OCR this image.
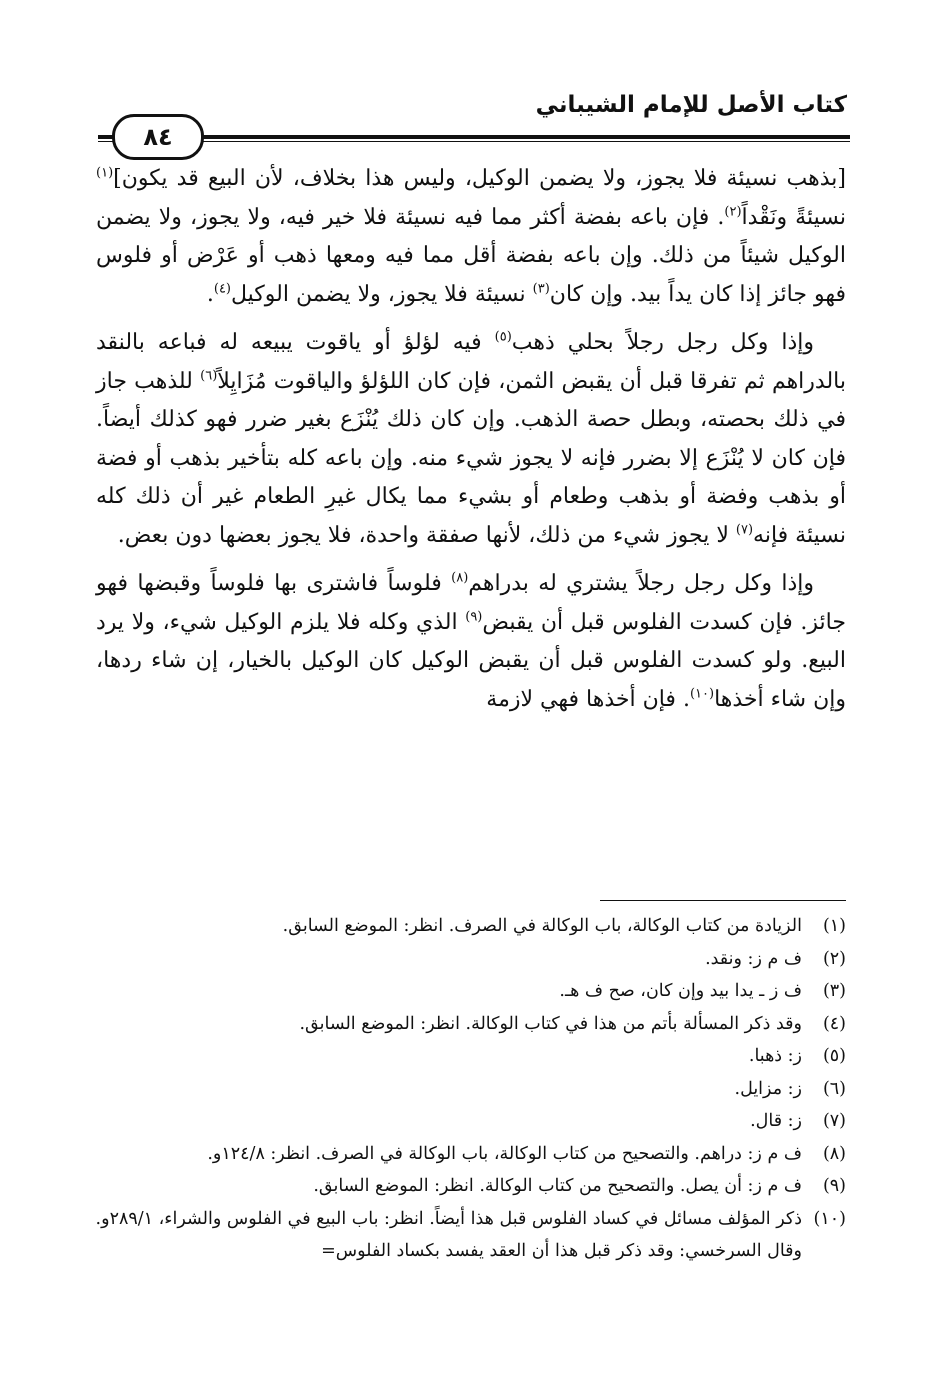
كتاب الأصل للإمام الشيباني
٨٤

[بذهب نسيئة فلا يجوز، ولا يضمن الوكيل، وليس هذا بخلاف، لأن البيع قد يكون]$^{(١)}$ نسيئةً ونَقْداً$^{(٢)}$. فإن باعه بفضة أكثر مما فيه نسيئة فلا خير فيه، ولا يجوز، ولا يضمن الوكيل شيئاً من ذلك. وإن باعه بفضة أقل مما فيه ومعها ذهب أو عَرْض أو فلوس فهو جائز إذا كان يداً بيد. وإن كان$^{(٣)}$ نسيئة فلا يجوز، ولا يضمن الوكيل$^{(٤)}$.

وإذا وكل رجل رجلاً بحلي ذهب$^{(٥)}$ فيه لؤلؤ أو ياقوت يبيعه له فباعه بالنقد بالدراهم ثم تفرقا قبل أن يقبض الثمن، فإن كان اللؤلؤ والياقوت مُزَايِلاً$^{(٦)}$ للذهب جاز في ذلك بحصته، وبطل حصة الذهب. وإن كان ذلك يُنْزَع بغير ضرر فهو كذلك أيضاً. فإن كان لا يُنْزَع إلا بضرر فإنه لا يجوز شيء منه. وإن باعه كله بتأخير بذهب أو فضة أو بذهب وفضة أو بذهب وطعام أو بشيء مما يكال غيرِ الطعام غير أن ذلك كله نسيئة فإنه$^{(٧)}$ لا يجوز شيء من ذلك، لأنها صفقة واحدة، فلا يجوز بعضها دون بعض.

وإذا وكل رجل رجلاً يشتري له بدراهم$^{(٨)}$ فلوساً فاشترى بها فلوساً وقبضها فهو جائز. فإن كسدت الفلوس قبل أن يقبض$^{(٩)}$ الذي وكله فلا يلزم الوكيل شيء، ولا يرد البيع. ولو كسدت الفلوس قبل أن يقبض الوكيل كان الوكيل بالخيار، إن شاء ردها، وإن شاء أخذها$^{(١٠)}$. فإن أخذها فهي لازمة

(١)
الزيادة من كتاب الوكالة، باب الوكالة في الصرف. انظر: الموضع السابق.
(٢)
ف م ز: ونقد.
(٣)
ف ز ـ يدا بيد وإن كان، صح ف هـ.
(٤)
وقد ذكر المسألة بأتم من هذا في كتاب الوكالة. انظر: الموضع السابق.
(٥)
ز: ذهبا.
(٦)
ز: مزايل.
(٧)
ز: قال.
(٨)
ف م ز: دراهم. والتصحيح من كتاب الوكالة، باب الوكالة في الصرف. انظر: ١٢٤/٨و.
(٩)
ف م ز: أن يصل. والتصحيح من كتاب الوكالة. انظر: الموضع السابق.
(١٠)
ذكر المؤلف مسائل في كساد الفلوس قبل هذا أيضاً. انظر: باب البيع في الفلوس والشراء، ٢٨٩/١و. وقال السرخسي: وقد ذكر قبل هذا أن العقد يفسد بكساد الفلوس=
